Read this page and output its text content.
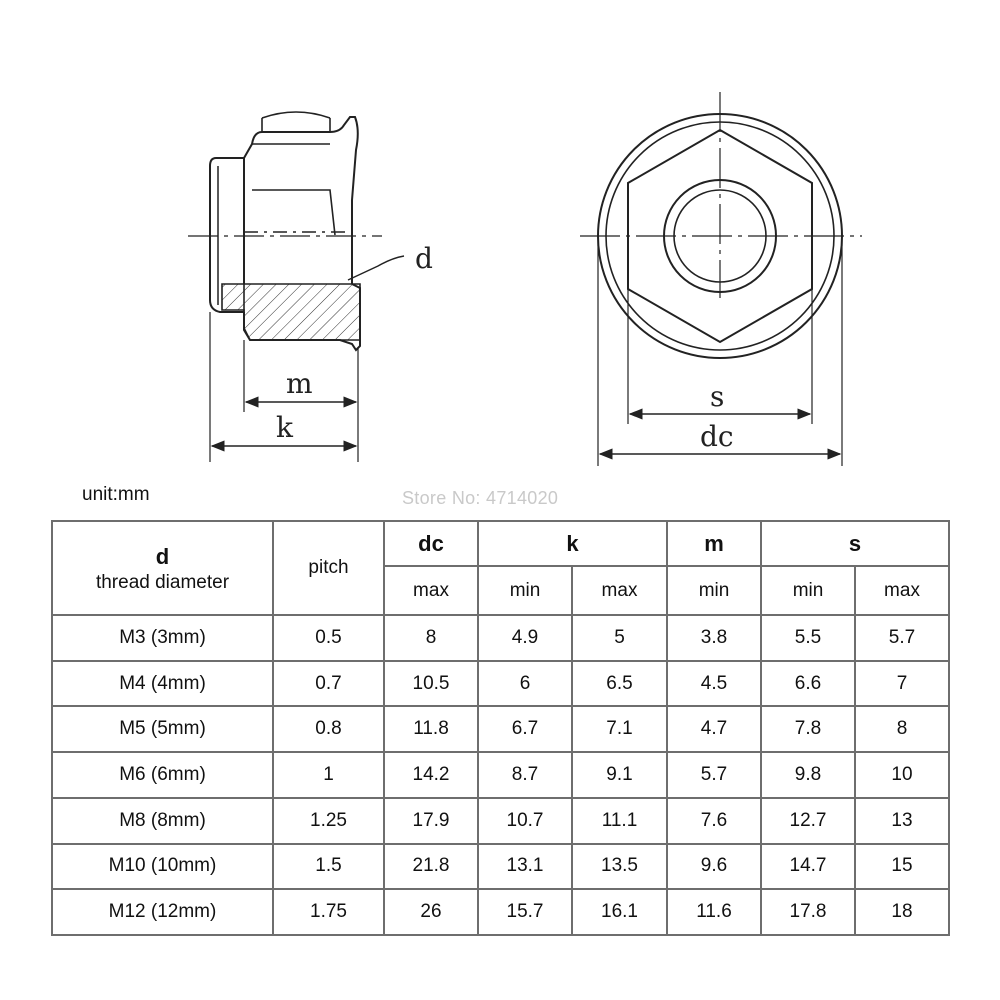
d
m
k
s
dc
unit:mm	Store No: 4714020
d
thread diameter	pitch	dc	k		m	s	
		max	min	max	min	min	max
M3 (3mm)	0.5	8	4.9	5	3.8	5.5	5.7
M4 (4mm)	0.7	10.5	6	6.5	4.5	6.6	7
M5 (5mm)	0.8	11.8	6.7	7.1	4.7	7.8	8
M6 (6mm)	1	14.2	8.7	9.1	5.7	9.8	10
M8 (8mm)	1.25	17.9	10.7	11.1	7.6	12.7	13
M10 (10mm)	1.5	21.8	13.1	13.5	9.6	14.7	15
M12 (12mm)	1.75	26	15.7	16.1	11.6	17.8	18
